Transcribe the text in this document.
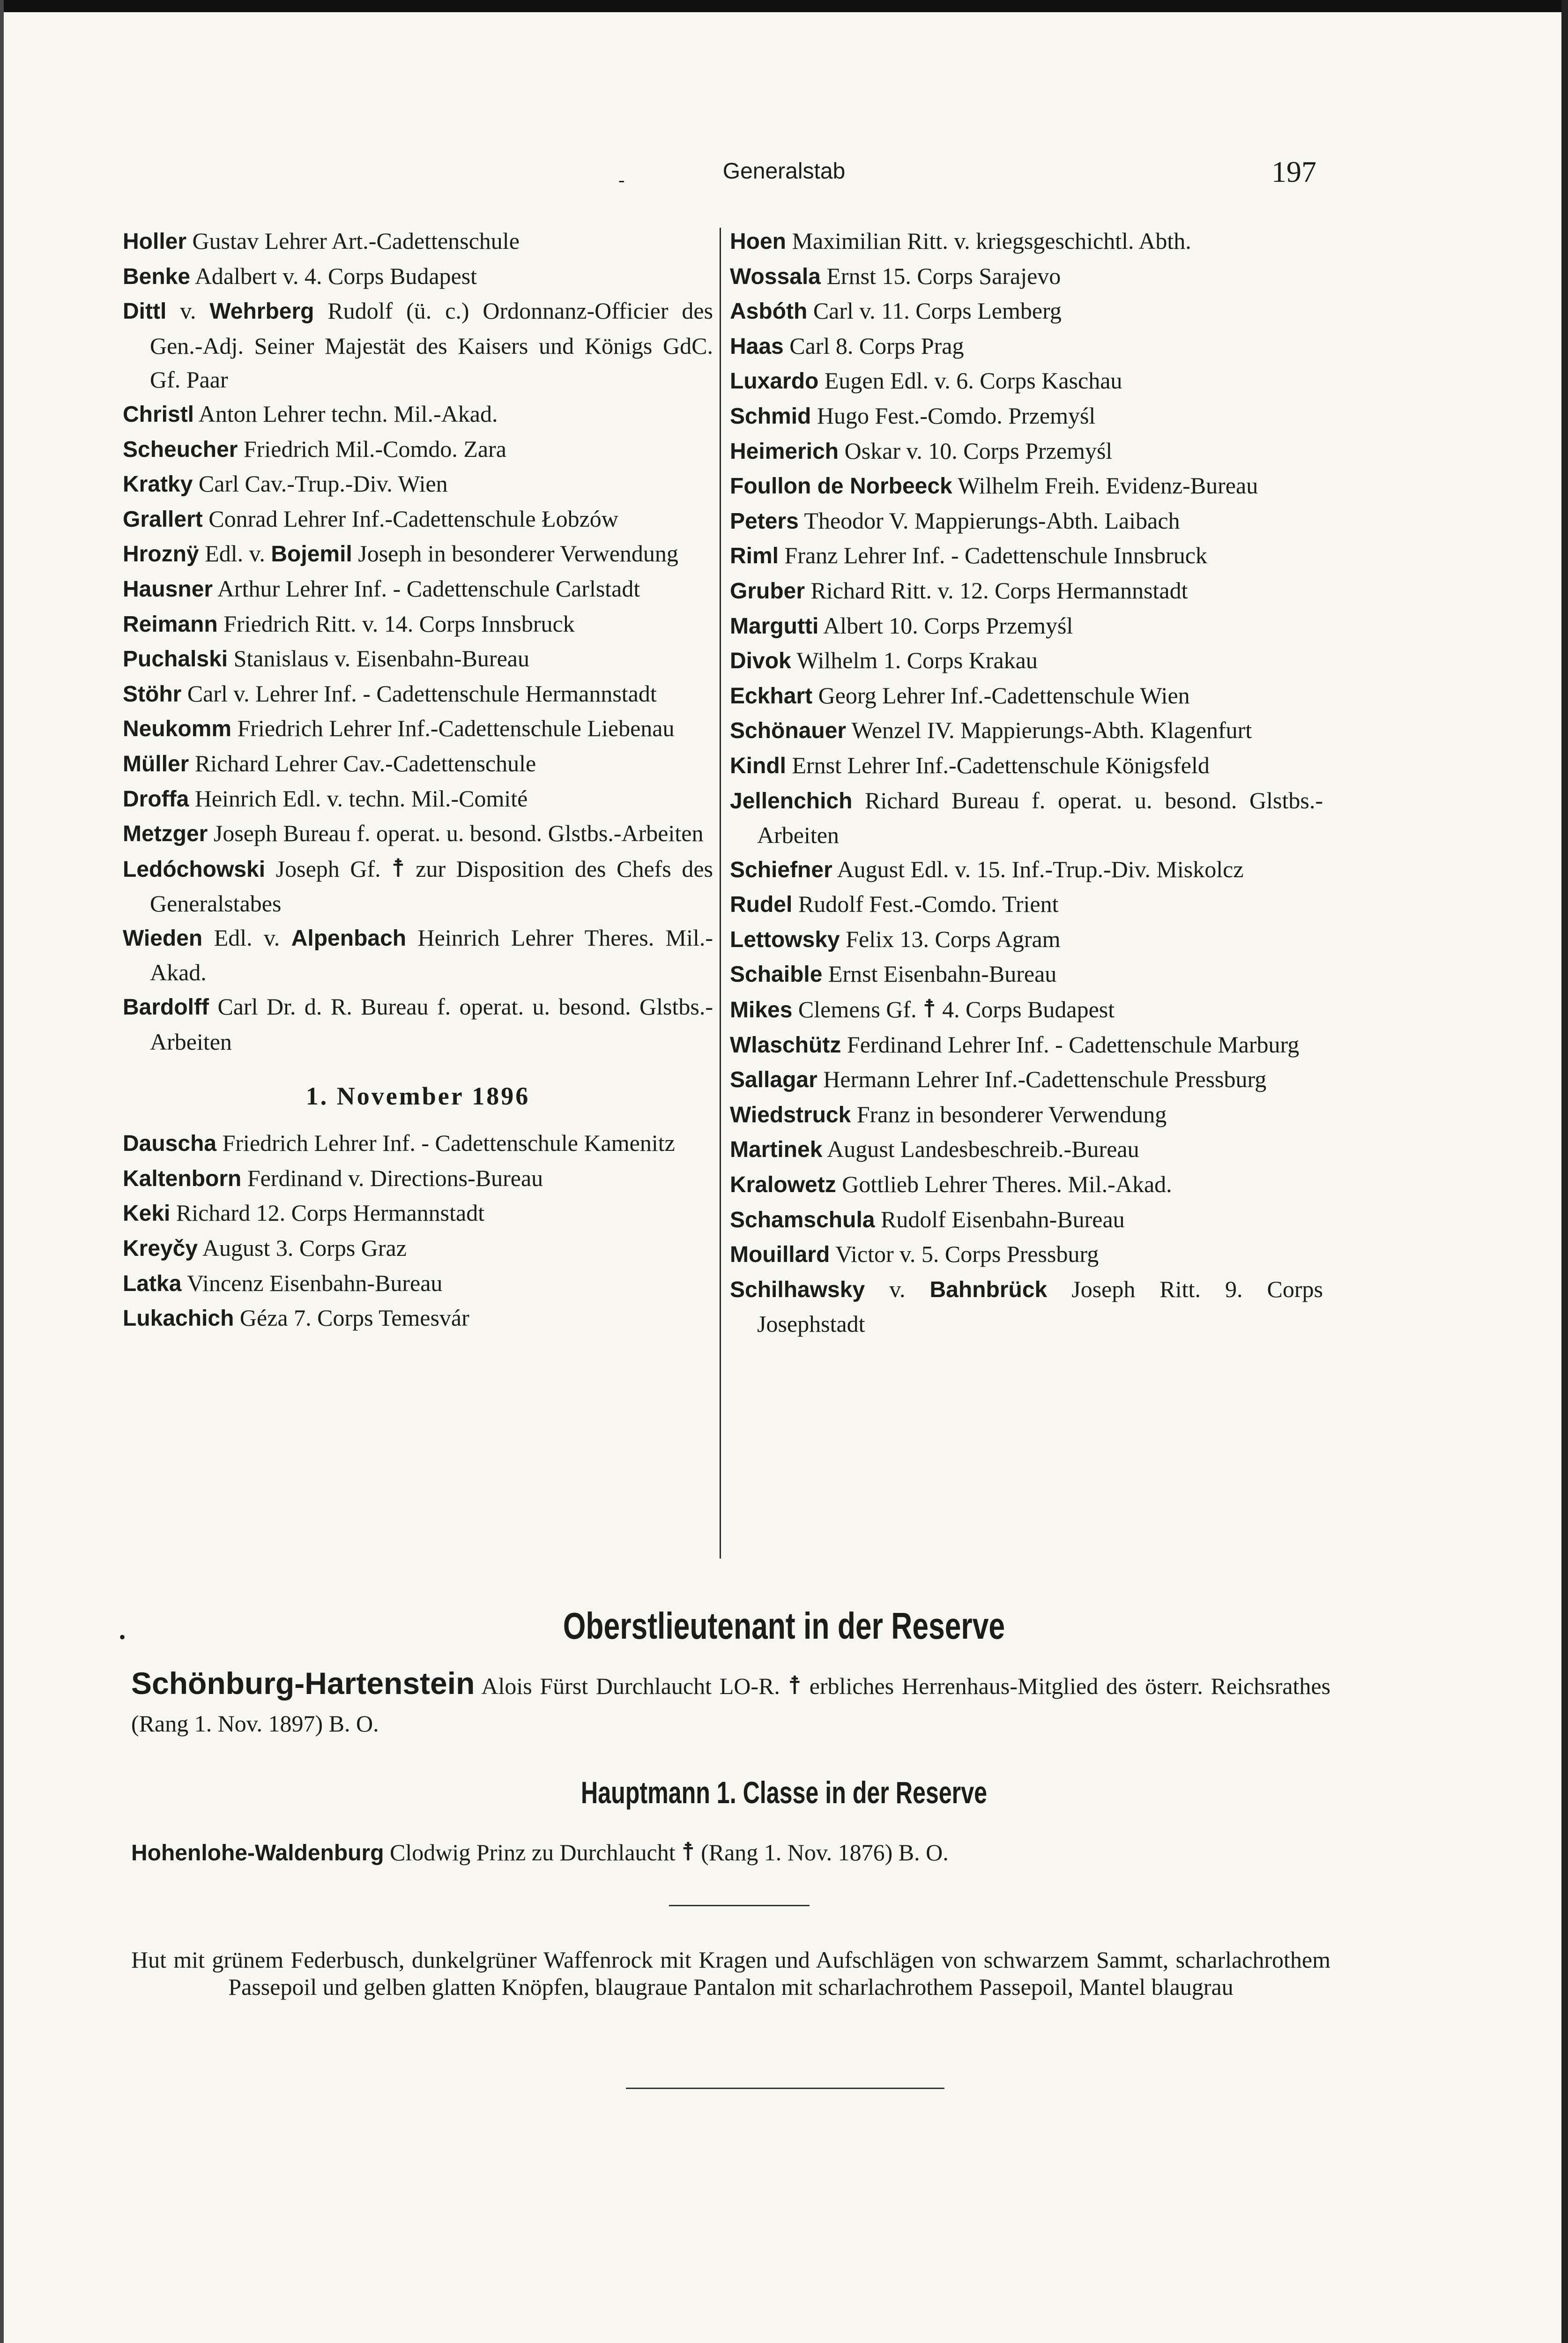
-	Generalstab	197
Holler Gustav Lehrer Art.-Cadettenschule
Benke Adalbert v. 4. Corps Budapest
Dittl v. Wehrberg Rudolf (ü. c.) Ordonnanz-Officier des Gen.-Adj. Seiner Majestät des Kaisers und Königs GdC. Gf. Paar
Christl Anton Lehrer techn. Mil.-Akad.
Scheucher Friedrich Mil.-Comdo. Zara
Kratky Carl Cav.-Trup.-Div. Wien
Grallert Conrad Lehrer Inf.-Cadettenschule Łobzów
Hroznÿ Edl. v. Bojemil Joseph in besonderer Verwendung
Hausner Arthur Lehrer Inf. - Cadettenschule Carlstadt
Reimann Friedrich Ritt. v. 14. Corps Innsbruck
Puchalski Stanislaus v. Eisenbahn-Bureau
Stöhr Carl v. Lehrer Inf. - Cadettenschule Hermannstadt
Neukomm Friedrich Lehrer Inf.-Cadettenschule Liebenau
Müller Richard Lehrer Cav.-Cadettenschule
Droffa Heinrich Edl. v. techn. Mil.-Comité
Metzger Joseph Bureau f. operat. u. besond. Glstbs.-Arbeiten
Ledóchowski Joseph Gf. ☨ zur Disposition des Chefs des Generalstabes
Wieden Edl. v. Alpenbach Heinrich Lehrer Theres. Mil.-Akad.
Bardolff Carl Dr. d. R. Bureau f. operat. u. besond. Glstbs.-Arbeiten
1. November 1896
Dauscha Friedrich Lehrer Inf. - Cadettenschule Kamenitz
Kaltenborn Ferdinand v. Directions-Bureau
Keki Richard 12. Corps Hermannstadt
Kreyčy August 3. Corps Graz
Latka Vincenz Eisenbahn-Bureau
Lukachich Géza 7. Corps Temesvár
Hoen Maximilian Ritt. v. kriegsgeschichtl. Abth.
Wossala Ernst 15. Corps Sarajevo
Asbóth Carl v. 11. Corps Lemberg
Haas Carl 8. Corps Prag
Luxardo Eugen Edl. v. 6. Corps Kaschau
Schmid Hugo Fest.-Comdo. Przemyśl
Heimerich Oskar v. 10. Corps Przemyśl
Foullon de Norbeeck Wilhelm Freih. Evidenz-Bureau
Peters Theodor V. Mappierungs-Abth. Laibach
Riml Franz Lehrer Inf. - Cadettenschule Innsbruck
Gruber Richard Ritt. v. 12. Corps Hermannstadt
Margutti Albert 10. Corps Przemyśl
Divok Wilhelm 1. Corps Krakau
Eckhart Georg Lehrer Inf.-Cadettenschule Wien
Schönauer Wenzel IV. Mappierungs-Abth. Klagenfurt
Kindl Ernst Lehrer Inf.-Cadettenschule Königsfeld
Jellenchich Richard Bureau f. operat. u. besond. Glstbs.-Arbeiten
Schiefner August Edl. v. 15. Inf.-Trup.-Div. Miskolcz
Rudel Rudolf Fest.-Comdo. Trient
Lettowsky Felix 13. Corps Agram
Schaible Ernst Eisenbahn-Bureau
Mikes Clemens Gf. ☨ 4. Corps Budapest
Wlaschütz Ferdinand Lehrer Inf. - Cadettenschule Marburg
Sallagar Hermann Lehrer Inf.-Cadettenschule Pressburg
Wiedstruck Franz in besonderer Verwendung
Martinek August Landesbeschreib.-Bureau
Kralowetz Gottlieb Lehrer Theres. Mil.-Akad.
Schamschula Rudolf Eisenbahn-Bureau
Mouillard Victor v. 5. Corps Pressburg
Schilhawsky v. Bahnbrück Joseph Ritt. 9. Corps Josephstadt
•	Oberstlieutenant in der Reserve
Schönburg-Hartenstein Alois Fürst Durchlaucht LO-R. ☨ erbliches Herrenhaus-Mitglied des österr. Reichsrathes (Rang 1. Nov. 1897) B. O.
Hauptmann 1. Classe in der Reserve
Hohenlohe-Waldenburg Clodwig Prinz zu Durchlaucht ☨ (Rang 1. Nov. 1876) B. O.
Hut mit grünem Federbusch, dunkelgrüner Waffenrock mit Kragen und Aufschlägen von schwarzem Sammt, scharlachrothem Passepoil und gelben glatten Knöpfen, blaugraue Pantalon mit scharlachrothem Passepoil, Mantel blaugrau
